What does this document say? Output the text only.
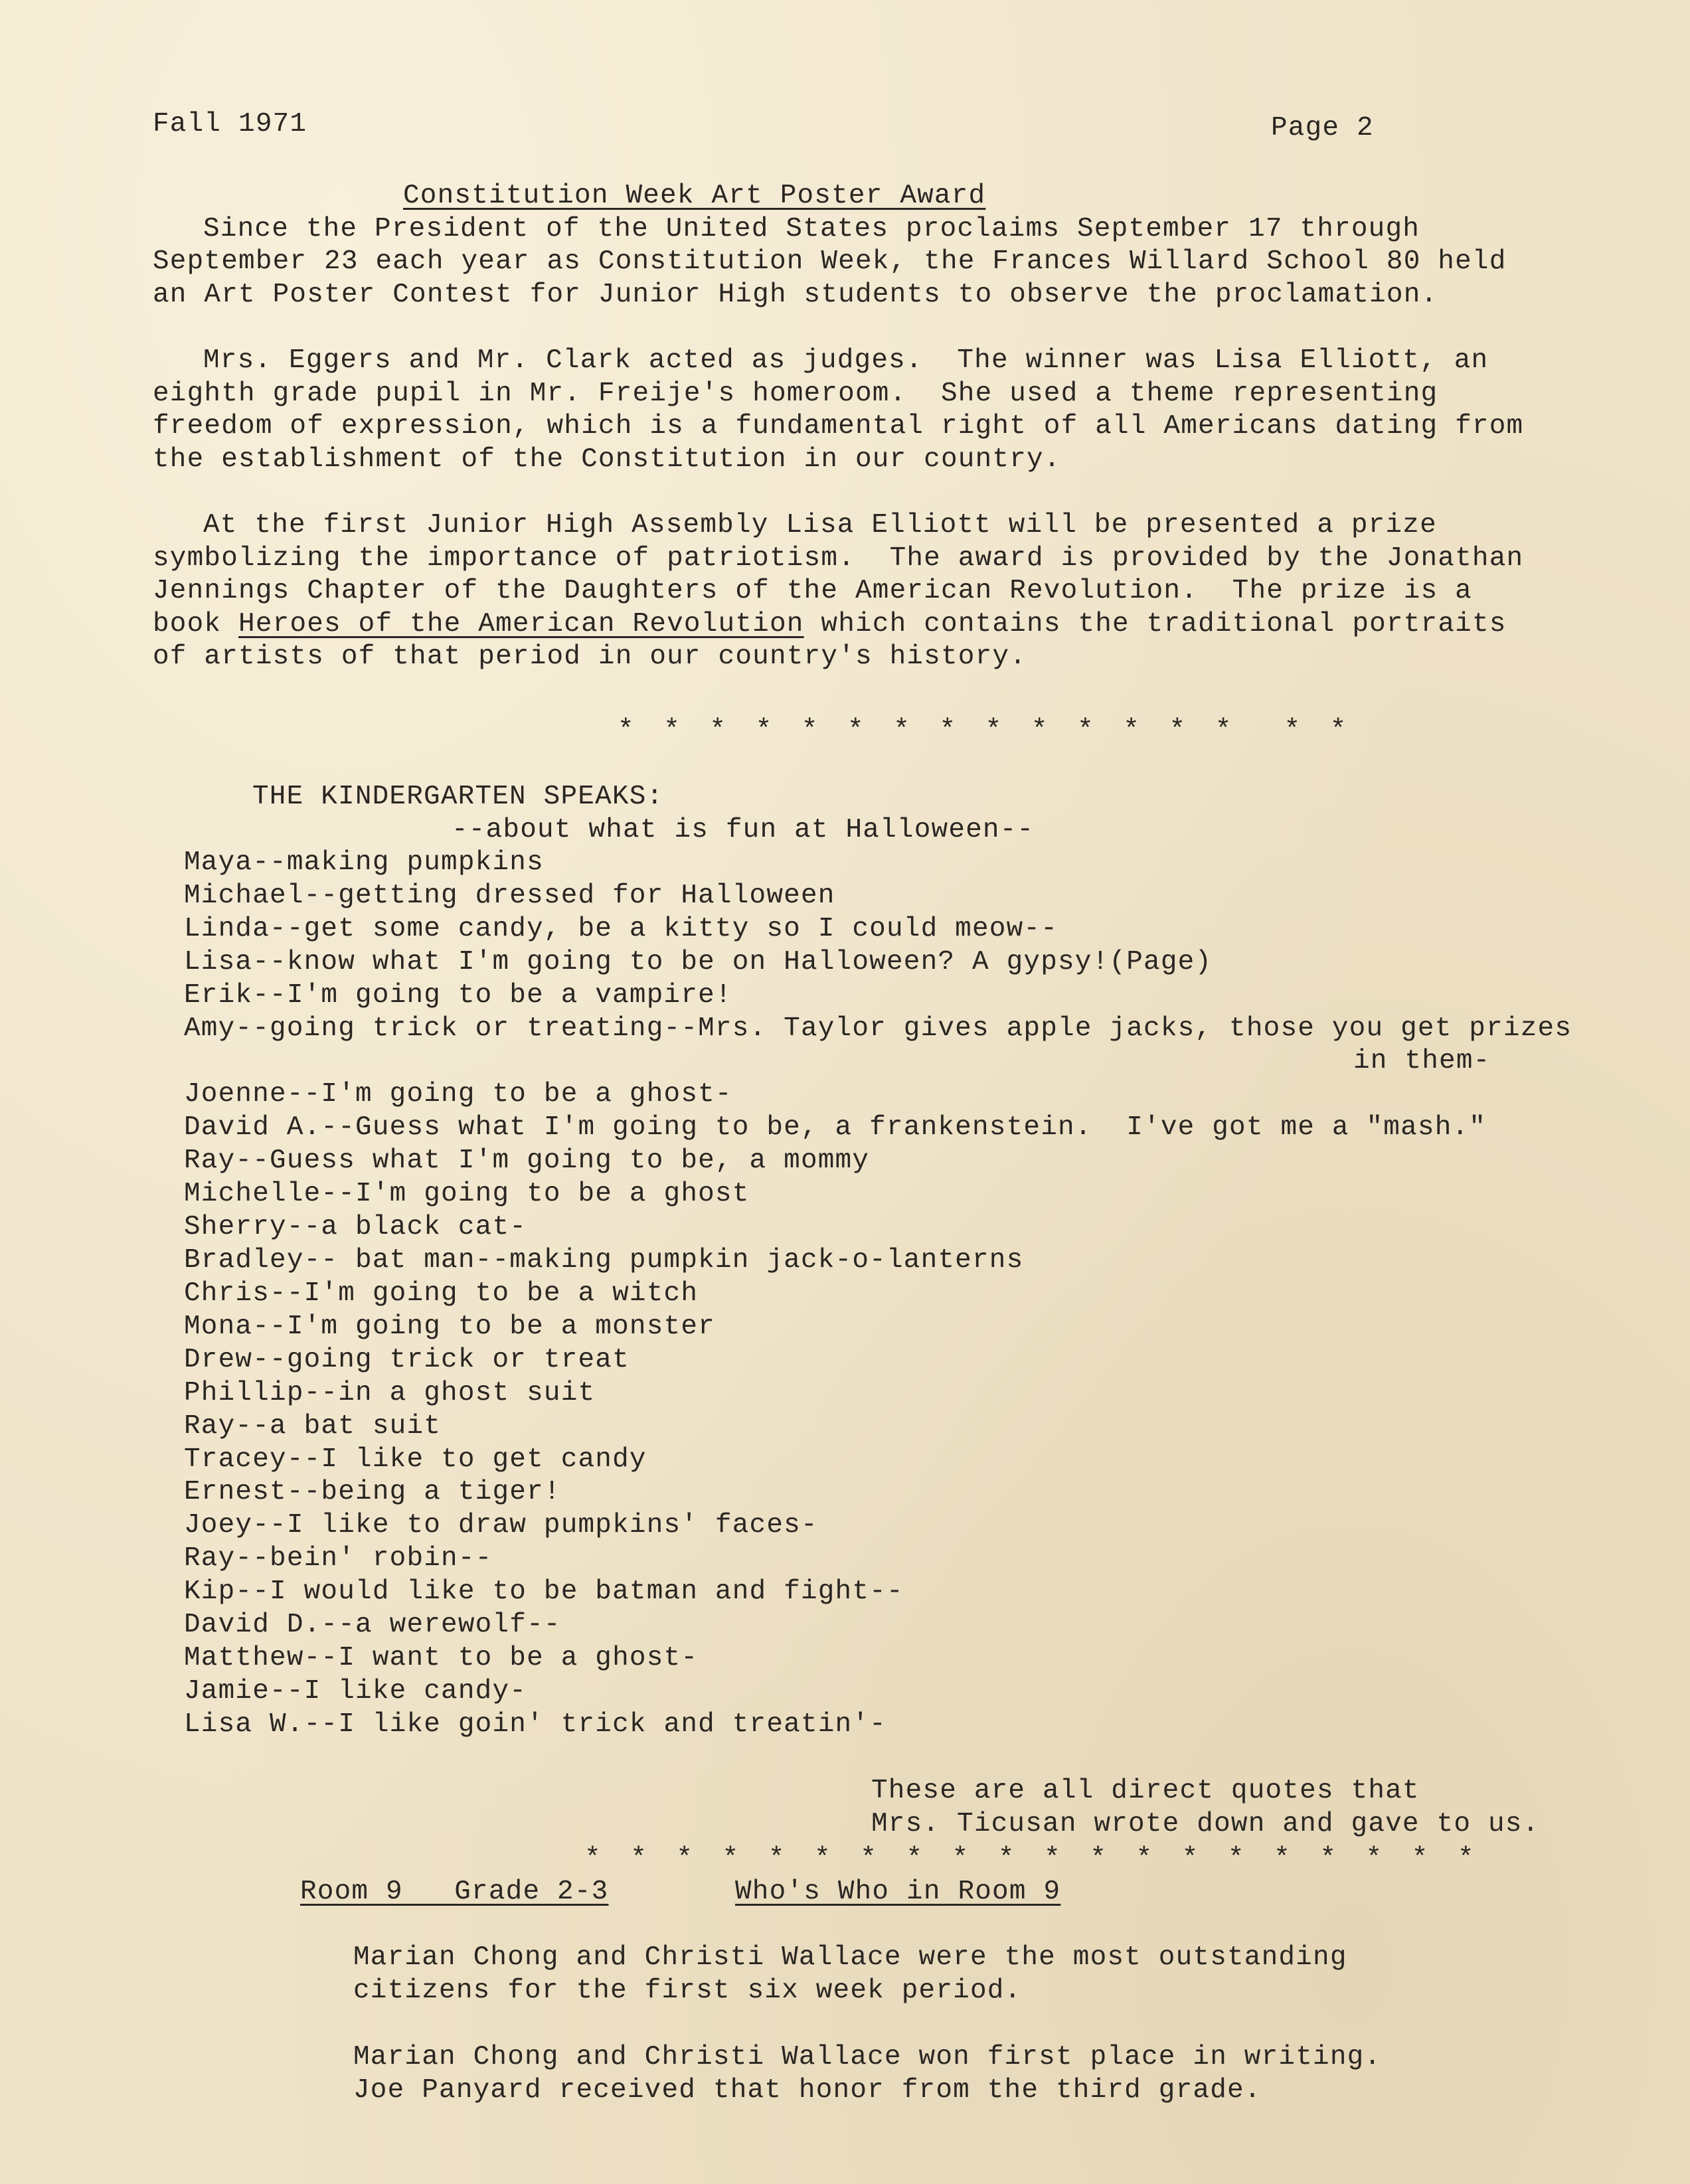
Fall 1971	Page 2
Constitution Week Art Poster Award
Since the President of the United States proclaims September 17 through
September 23 each year as Constitution Week, the Frances Willard School 80 held
an Art Poster Contest for Junior High students to observe the proclamation.
Mrs. Eggers and Mr. Clark acted as judges.  The winner was Lisa Elliott, an
eighth grade pupil in Mr. Freije's homeroom.  She used a theme representing
freedom of expression, which is a fundamental right of all Americans dating from
the establishment of the Constitution in our country.
At the first Junior High Assembly Lisa Elliott will be presented a prize
symbolizing the importance of patriotism.  The award is provided by the Jonathan
Jennings Chapter of the Daughters of the American Revolution.  The prize is a
book Heroes of the American Revolution which contains the traditional portraits
of artists of that period in our country's history.
* * * * * * * * * * * * * *  * *
THE KINDERGARTEN SPEAKS:
--about what is fun at Halloween--
Maya--making pumpkins
Michael--getting dressed for Halloween
Linda--get some candy, be a kitty so I could meow--
Lisa--know what I'm going to be on Halloween? A gypsy!(Page)
Erik--I'm going to be a vampire!
Amy--going trick or treating--Mrs. Taylor gives apple jacks, those you get prizes
in them-
Joenne--I'm going to be a ghost-
David A.--Guess what I'm going to be, a frankenstein.  I've got me a "mash."
Ray--Guess what I'm going to be, a mommy
Michelle--I'm going to be a ghost
Sherry--a black cat-
Bradley-- bat man--making pumpkin jack-o-lanterns
Chris--I'm going to be a witch
Mona--I'm going to be a monster
Drew--going trick or treat
Phillip--in a ghost suit
Ray--a bat suit
Tracey--I like to get candy
Ernest--being a tiger!
Joey--I like to draw pumpkins' faces-
Ray--bein' robin--
Kip--I would like to be batman and fight--
David D.--a werewolf--
Matthew--I want to be a ghost-
Jamie--I like candy-
Lisa W.--I like goin' trick and treatin'-
These are all direct quotes that
Mrs. Ticusan wrote down and gave to us.
* * * * * * * * * * * * * * * * * * * *
Room 9   Grade 2-3	Who's Who in Room 9
Marian Chong and Christi Wallace were the most outstanding
citizens for the first six week period.
Marian Chong and Christi Wallace won first place in writing.
Joe Panyard received that honor from the third grade.
